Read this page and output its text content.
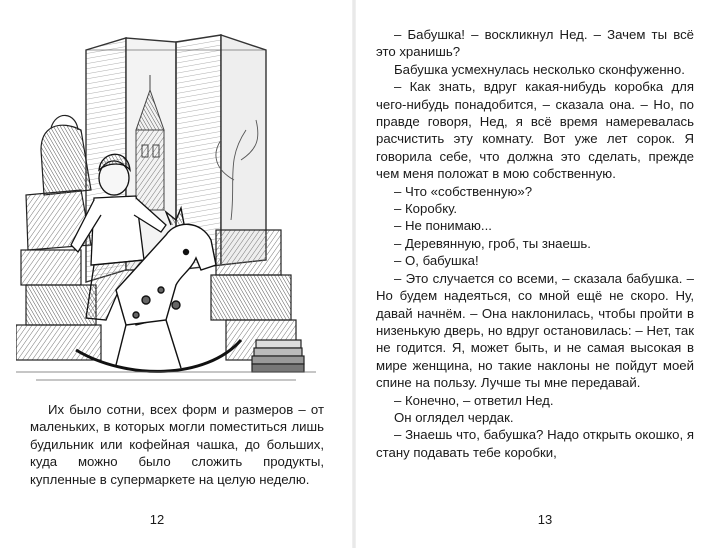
Их было сотни, всех форм и размеров – от маленьких, в которых могли поместиться лишь будильник или кофейная чашка, до больших, куда можно было сложить продукты, купленные в супермаркете на целую неделю.

12

– Бабушка! – воскликнул Нед. – Зачем ты всё это хранишь?

Бабушка усмехнулась несколько сконфуженно.

– Как знать, вдруг какая-нибудь коробка для чего-нибудь понадобится, – сказала она. – Но, по правде говоря, Нед, я всё время намеревалась расчистить эту комнату. Вот уже лет сорок. Я говорила себе, что должна это сделать, прежде чем меня положат в мою собственную.

– Что «собственную»?

– Коробку.

– Не понимаю...

– Деревянную, гроб, ты знаешь.

– О, бабушка!

– Это случается со всеми, – сказала бабушка. – Но будем надеяться, со мной ещё не скоро. Ну, давай начнём. – Она наклонилась, чтобы пройти в низенькую дверь, но вдруг остановилась: – Нет, так не годится. Я, может быть, и не самая высокая в мире женщина, но такие наклоны не пойдут моей спине на пользу. Лучше ты мне передавай.

– Конечно, – ответил Нед.

Он оглядел чердак.

– Знаешь что, бабушка? Надо открыть окошко, я стану подавать тебе коробки,

13
